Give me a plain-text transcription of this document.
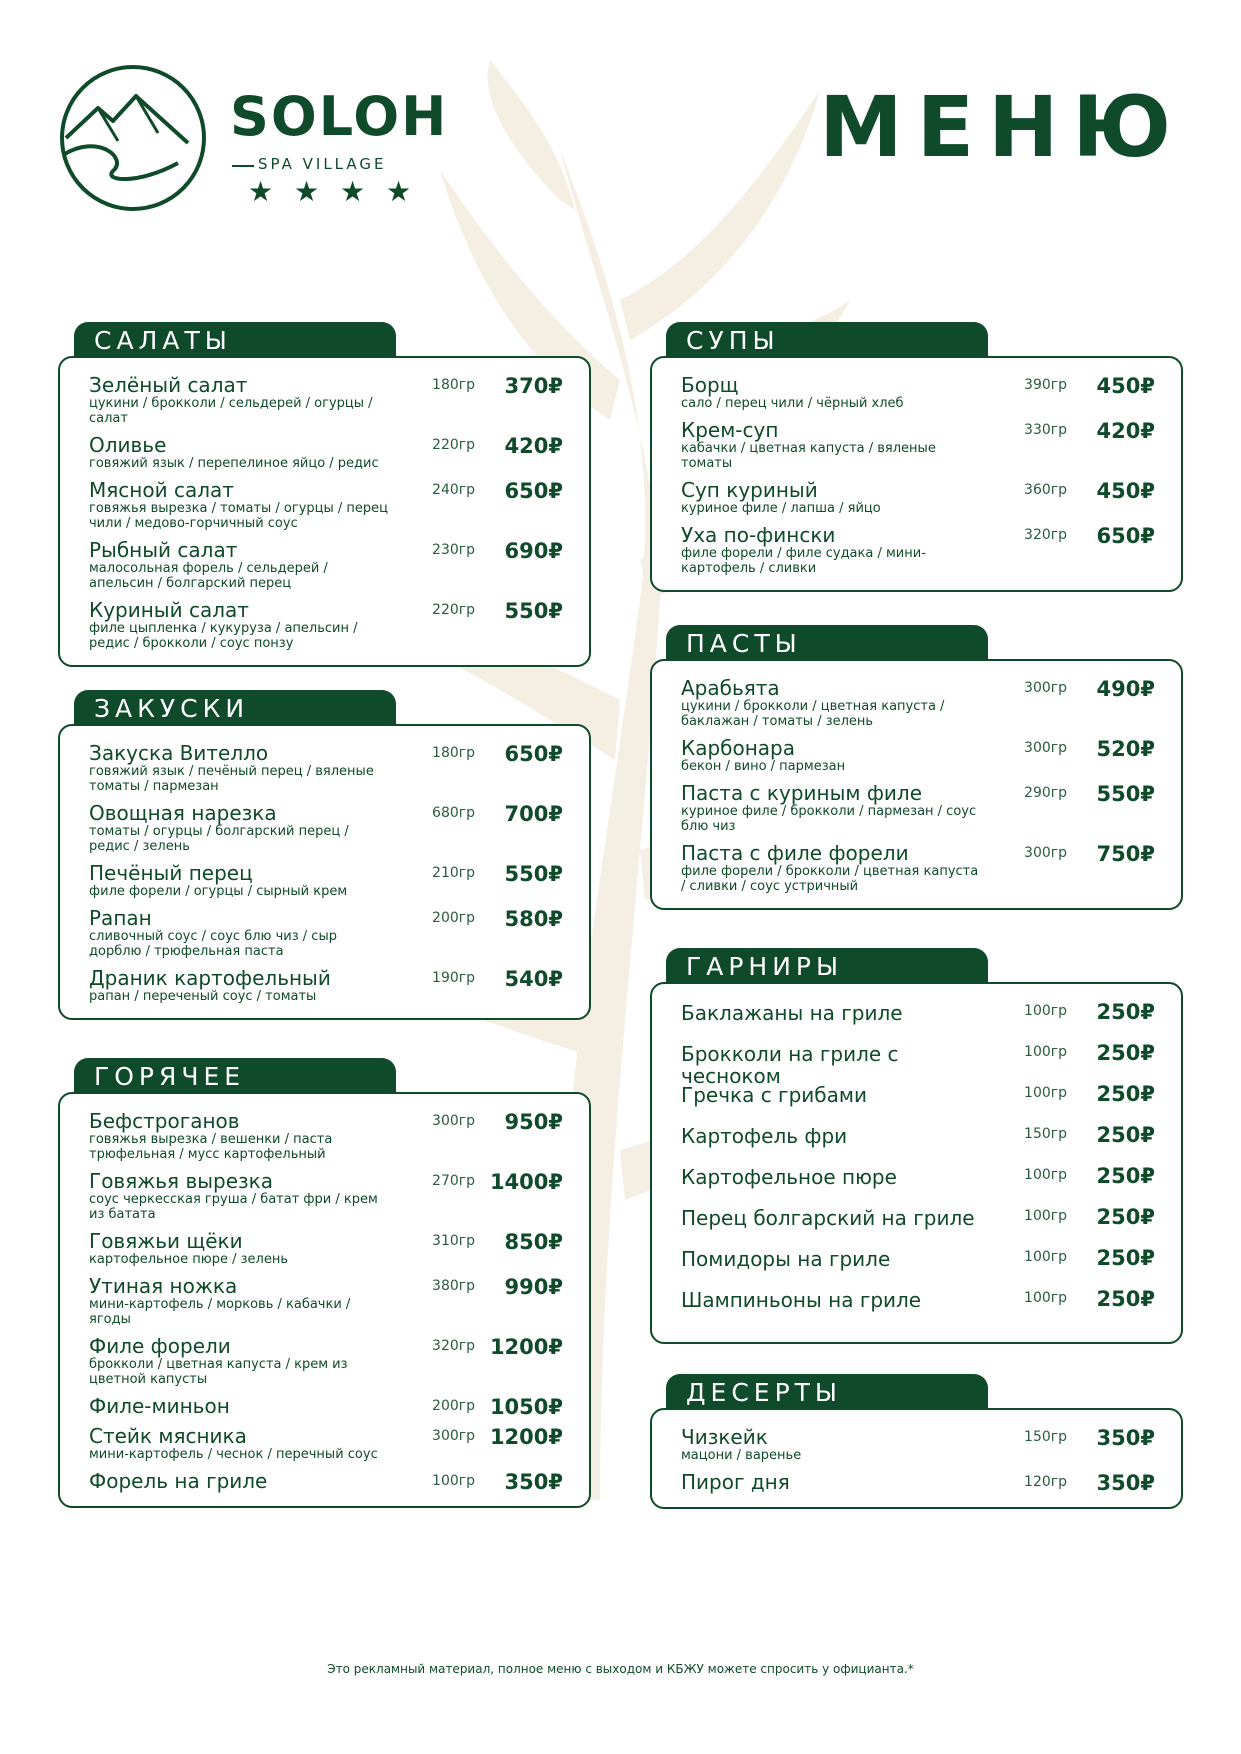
SOLOH
SPA VILLAGE
★ ★ ★ ★
МЕНЮ
САЛАТЫ
Зелёный салат
цукини / брокколи / сельдерей / огурцы / салат
180гр 370₽
Оливье
говяжий язык / перепелиное яйцо / редис
220гр 420₽
Мясной салат
говяжья вырезка / томаты / огурцы / перец чили / медово-горчичный соус
240гр 650₽
Рыбный салат
малосольная форель / сельдерей / апельсин / болгарский перец
230гр 690₽
Куриный салат
филе цыпленка / кукуруза / апельсин / редис / брокколи / соус понзу
220гр 550₽
ЗАКУСКИ
Закуска Вителло
говяжий язык / печёный перец / вяленые томаты / пармезан
180гр 650₽
Овощная нарезка
томаты / огурцы / болгарский перец / редис / зелень
680гр 700₽
Печёный перец
филе форели / огурцы / сырный крем
210гр 550₽
Рапан
сливочный соус / соус блю чиз / сыр дорблю / трюфельная паста
200гр 580₽
Драник картофельный
рапан / переченый соус / томаты
190гр 540₽
ГОРЯЧЕЕ
Бефстроганов
говяжья вырезка / вешенки / паста трюфельная / мусс картофельный
300гр 950₽
Говяжья вырезка
соус черкесская груша / батат фри / крем из батата
270гр 1400₽
Говяжьи щёки
картофельное пюре / зелень
310гр 850₽
Утиная ножка
мини-картофель / морковь / кабачки / ягоды
380гр 990₽
Филе форели
брокколи / цветная капуста / крем из цветной капусты
320гр 1200₽
Филе-миньон	200гр 1050₽
Стейк мясника
мини-картофель / чеснок / перечный соус
300гр 1200₽
Форель на гриле	100гр 350₽
СУПЫ
Борщ
сало / перец чили / чёрный хлеб
390гр 450₽
Крем-суп
кабачки / цветная капуста / вяленые томаты
330гр 420₽
Суп куриный
куриное филе / лапша / яйцо
360гр 450₽
Уха по-фински
филе форели / филе судака / мини-картофель / сливки
320гр 650₽
ПАСТЫ
Арабьята
цукини / брокколи / цветная капуста / баклажан / томаты / зелень
300гр 490₽
Карбонара
бекон / вино / пармезан
300гр 520₽
Паста с куриным филе
куриное филе / брокколи / пармезан / соус блю чиз
290гр 550₽
Паста с филе форели
филе форели / брокколи / цветная капуста / сливки / соус устричный
300гр 750₽
ГАРНИРЫ
Баклажаны на гриле	100гр 250₽
Брокколи на гриле с чесноком
100гр 250₽
Гречка с грибами	100гр 250₽
Картофель фри	150гр 250₽
Картофельное пюре	100гр 250₽
Перец болгарский на гриле	100гр 250₽
Помидоры на гриле	100гр 250₽
Шампиньоны на гриле	100гр 250₽
ДЕСЕРТЫ
Чизкейк
мацони / варенье
150гр 350₽
Пирог дня	120гр 350₽
Это рекламный материал, полное меню с выходом и КБЖУ можете спросить у официанта.*
